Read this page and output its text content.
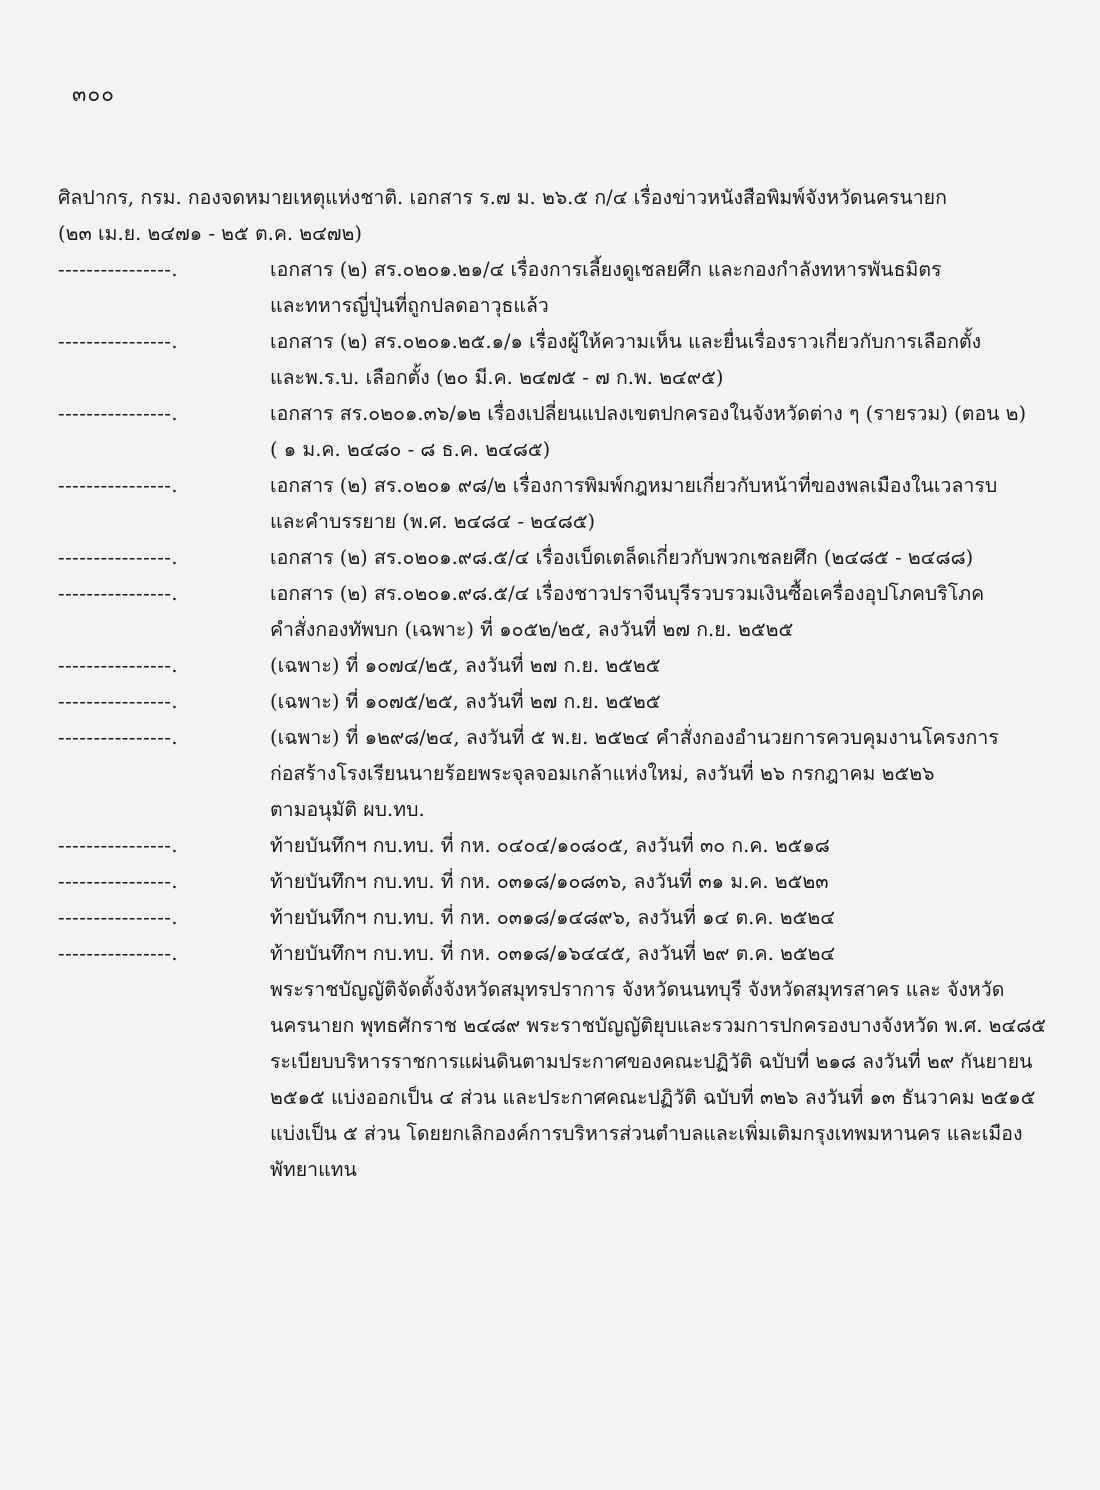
๓๐๐
ศิลปากร, กรม. กองจดหมายเหตุแห่งชาติ. เอกสาร ร.๗ ม. ๒๖.๕ ก/๔ เรื่องข่าวหนังสือพิมพ์จังหวัดนครนายก
(๒๓ เม.ย. ๒๔๗๑ - ๒๕ ต.ค. ๒๔๗๒)
----------------.	เอกสาร (๒) สร.๐๒๐๑.๒๑/๔ เรื่องการเลี้ยงดูเชลยศึก และกองกำลังทหารพันธมิตร
และทหารญี่ปุ่นที่ถูกปลดอาวุธแล้ว
----------------.	เอกสาร (๒) สร.๐๒๐๑.๒๕.๑/๑ เรื่องผู้ให้ความเห็น และยื่นเรื่องราวเกี่ยวกับการเลือกตั้ง
และพ.ร.บ. เลือกตั้ง (๒๐ มี.ค. ๒๔๗๕ - ๗ ก.พ. ๒๔๙๕)
----------------.	เอกสาร สร.๐๒๐๑.๓๖/๑๒ เรื่องเปลี่ยนแปลงเขตปกครองในจังหวัดต่าง ๆ (รายรวม) (ตอน ๒)
( ๑ ม.ค. ๒๔๘๐ - ๘ ธ.ค. ๒๔๘๕)
----------------.	เอกสาร (๒) สร.๐๒๐๑ ๙๘/๒ เรื่องการพิมพ์กฎหมายเกี่ยวกับหน้าที่ของพลเมืองในเวลารบ
และคำบรรยาย (พ.ศ. ๒๔๘๔ - ๒๔๘๕)
----------------.	เอกสาร (๒) สร.๐๒๐๑.๙๘.๕/๔ เรื่องเบ็ดเตล็ดเกี่ยวกับพวกเชลยศึก (๒๔๘๕ - ๒๔๘๘)
----------------.	เอกสาร (๒) สร.๐๒๐๑.๙๘.๕/๔ เรื่องชาวปราจีนบุรีรวบรวมเงินซื้อเครื่องอุปโภคบริโภค
คำสั่งกองทัพบก (เฉพาะ) ที่ ๑๐๕๒/๒๕, ลงวันที่ ๒๗ ก.ย. ๒๕๒๕
----------------.	(เฉพาะ) ที่ ๑๐๗๔/๒๕, ลงวันที่ ๒๗ ก.ย. ๒๕๒๕
----------------.	(เฉพาะ) ที่ ๑๐๗๕/๒๕, ลงวันที่ ๒๗ ก.ย. ๒๕๒๕
----------------.	(เฉพาะ) ที่ ๑๒๙๘/๒๔, ลงวันที่ ๕ พ.ย. ๒๕๒๔ คำสั่งกองอำนวยการควบคุมงานโครงการ
ก่อสร้างโรงเรียนนายร้อยพระจุลจอมเกล้าแห่งใหม่, ลงวันที่ ๒๖ กรกฎาคม ๒๕๒๖
ตามอนุมัติ ผบ.ทบ.
----------------.	ท้ายบันทึกฯ กบ.ทบ. ที่ กห. ๐๔๐๔/๑๐๘๐๕, ลงวันที่ ๓๐ ก.ค. ๒๕๑๘
----------------.	ท้ายบันทึกฯ กบ.ทบ. ที่ กห. ๐๓๑๘/๑๐๘๓๖, ลงวันที่ ๓๑ ม.ค. ๒๕๒๓
----------------.	ท้ายบันทึกฯ กบ.ทบ. ที่ กห. ๐๓๑๘/๑๔๘๙๖, ลงวันที่ ๑๔ ต.ค. ๒๕๒๔
----------------.	ท้ายบันทึกฯ กบ.ทบ. ที่ กห. ๐๓๑๘/๑๖๔๔๕, ลงวันที่ ๒๙ ต.ค. ๒๕๒๔
พระราชบัญญัติจัดตั้งจังหวัดสมุทรปราการ จังหวัดนนทบุรี จังหวัดสมุทรสาคร และ จังหวัด
นครนายก พุทธศักราช ๒๔๘๙ พระราชบัญญัติยุบและรวมการปกครองบางจังหวัด พ.ศ. ๒๔๘๕
ระเบียบบริหารราชการแผ่นดินตามประกาศของคณะปฏิวัติ ฉบับที่ ๒๑๘ ลงวันที่ ๒๙ กันยายน
๒๕๑๕ แบ่งออกเป็น ๔ ส่วน และประกาศคณะปฏิวัติ ฉบับที่ ๓๒๖ ลงวันที่ ๑๓ ธันวาคม ๒๕๑๕
แบ่งเป็น ๕ ส่วน โดยยกเลิกองค์การบริหารส่วนตำบลและเพิ่มเติมกรุงเทพมหานคร และเมือง
พัทยาแทน
